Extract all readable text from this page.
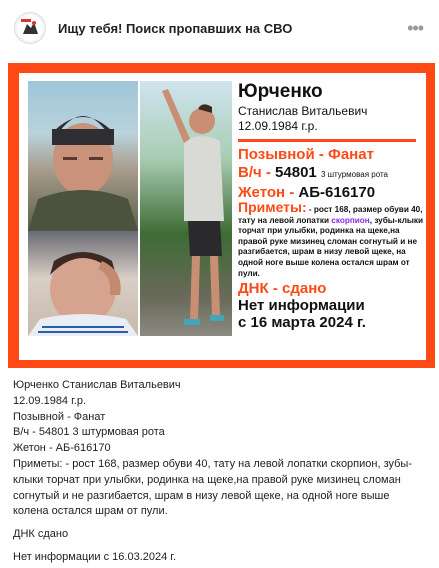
Ищу тебя! Поиск пропавших на СВО	•••
Юрченко
Станислав Витальевич
12.09.1984 г.р.
Позывной - Фанат
В/ч - 54801 3 штурмовая рота
Жетон - АБ-616170
Приметы: - рост 168, размер обуви 40, тату на левой лопатки скорпион, зубы-клыки торчат при улыбки, родинка на щеке,на правой руке мизинец сломан согнутый и не разгибается, шрам в низу левой щеке, на одной ноге выше колена остался шрам от пули.
ДНК - сдано
Нет информации
с 16 марта 2024 г.

Юрченко Станислав Витальевич

12.09.1984 г.р.

Позывной - Фанат

В/ч - 54801 3 штурмовая рота

Жетон - АБ-616170

Приметы: - рост 168, размер обуви 40, тату на левой лопатки скорпион, зубы-клыки торчат при улыбки, родинка на щеке,на правой руке мизинец сломан согнутый и не разгибается, шрам в низу левой щеке, на одной ноге выше колена остался шрам от пули.

ДНК сдано

Нет информации с 16.03.2024 г.
